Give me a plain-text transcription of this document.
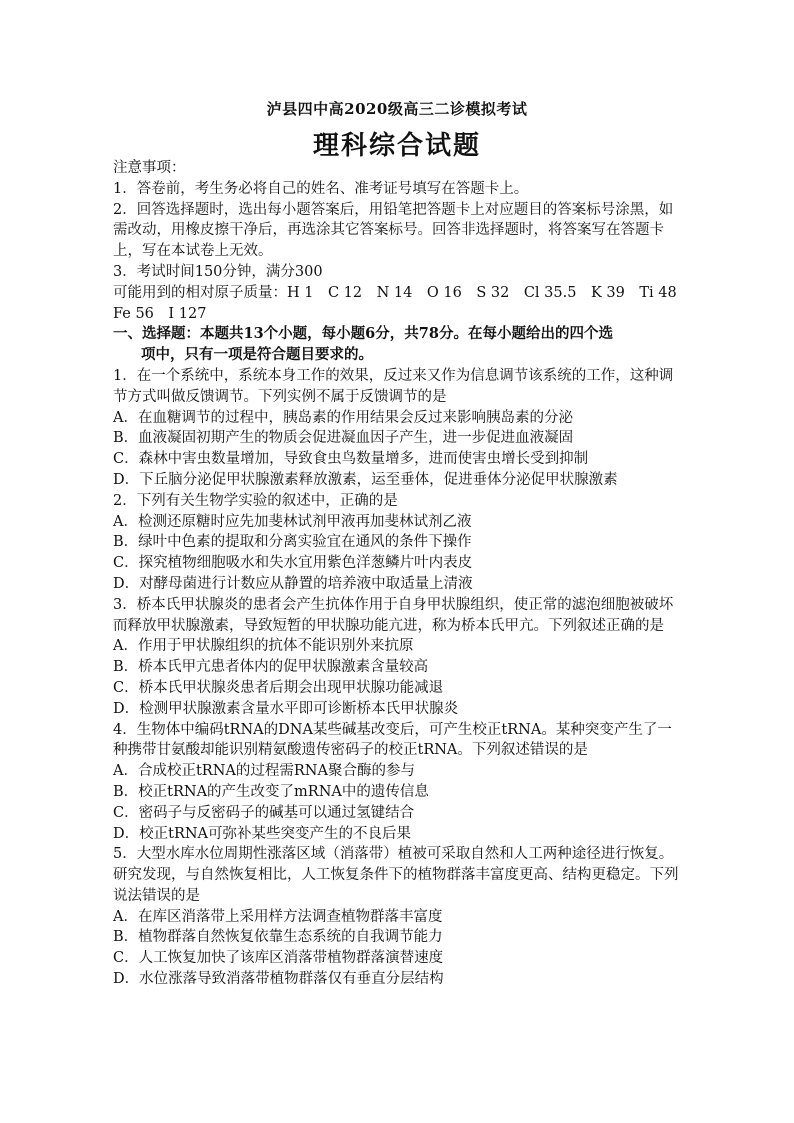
泸县四中高2020级高三二诊模拟考试
理科综合试题

注意事项：

1．答卷前，考生务必将自己的姓名、准考证号填写在答题卡上。

2．回答选择题时，选出每小题答案后，用铅笔把答题卡上对应题目的答案标号涂黑，如需改动，用橡皮擦干净后，再选涂其它答案标号。回答非选择题时，将答案写在答题卡上，写在本试卷上无效。

3．考试时间150分钟，满分300

可能用到的相对原子质量：H 1　C 12　N 14　O 16　S 32　Cl 35.5　K 39　Ti 48　Fe 56　I 127

一、选择题：本题共13个小题，每小题6分，共78分。在每小题给出的四个选

项中，只有一项是符合题目要求的。

1．在一个系统中，系统本身工作的效果，反过来又作为信息调节该系统的工作，这种调节方式叫做反馈调节。下列实例不属于反馈调节的是

A．在血糖调节的过程中，胰岛素的作用结果会反过来影响胰岛素的分泌

B．血液凝固初期产生的物质会促进凝血因子产生，进一步促进血液凝固

C．森林中害虫数量增加，导致食虫鸟数量增多，进而使害虫增长受到抑制

D．下丘脑分泌促甲状腺激素释放激素，运至垂体，促进垂体分泌促甲状腺激素

2．下列有关生物学实验的叙述中，正确的是

A．检测还原糖时应先加斐林试剂甲液再加斐林试剂乙液

B．绿叶中色素的提取和分离实验宜在通风的条件下操作

C．探究植物细胞吸水和失水宜用紫色洋葱鳞片叶内表皮

D．对酵母菌进行计数应从静置的培养液中取适量上清液

3．桥本氏甲状腺炎的患者会产生抗体作用于自身甲状腺组织，使正常的滤泡细胞被破坏而释放甲状腺激素，导致短暂的甲状腺功能亢进，称为桥本氏甲亢。下列叙述正确的是

A．作用于甲状腺组织的抗体不能识别外来抗原

B．桥本氏甲亢患者体内的促甲状腺激素含量较高

C．桥本氏甲状腺炎患者后期会出现甲状腺功能减退

D．检测甲状腺激素含量水平即可诊断桥本氏甲状腺炎

4．生物体中编码tRNA的DNA某些碱基改变后，可产生校正tRNA。某种突变产生了一种携带甘氨酸却能识别精氨酸遗传密码子的校正tRNA。下列叙述错误的是

A．合成校正tRNA的过程需RNA聚合酶的参与

B．校正tRNA的产生改变了mRNA中的遗传信息

C．密码子与反密码子的碱基可以通过氢键结合

D．校正tRNA可弥补某些突变产生的不良后果

5．大型水库水位周期性涨落区域（消落带）植被可采取自然和人工两种途径进行恢复。研究发现，与自然恢复相比，人工恢复条件下的植物群落丰富度更高、结构更稳定。下列说法错误的是

A．在库区消落带上采用样方法调查植物群落丰富度

B．植物群落自然恢复依靠生态系统的自我调节能力

C．人工恢复加快了该库区消落带植物群落演替速度

D．水位涨落导致消落带植物群落仅有垂直分层结构
